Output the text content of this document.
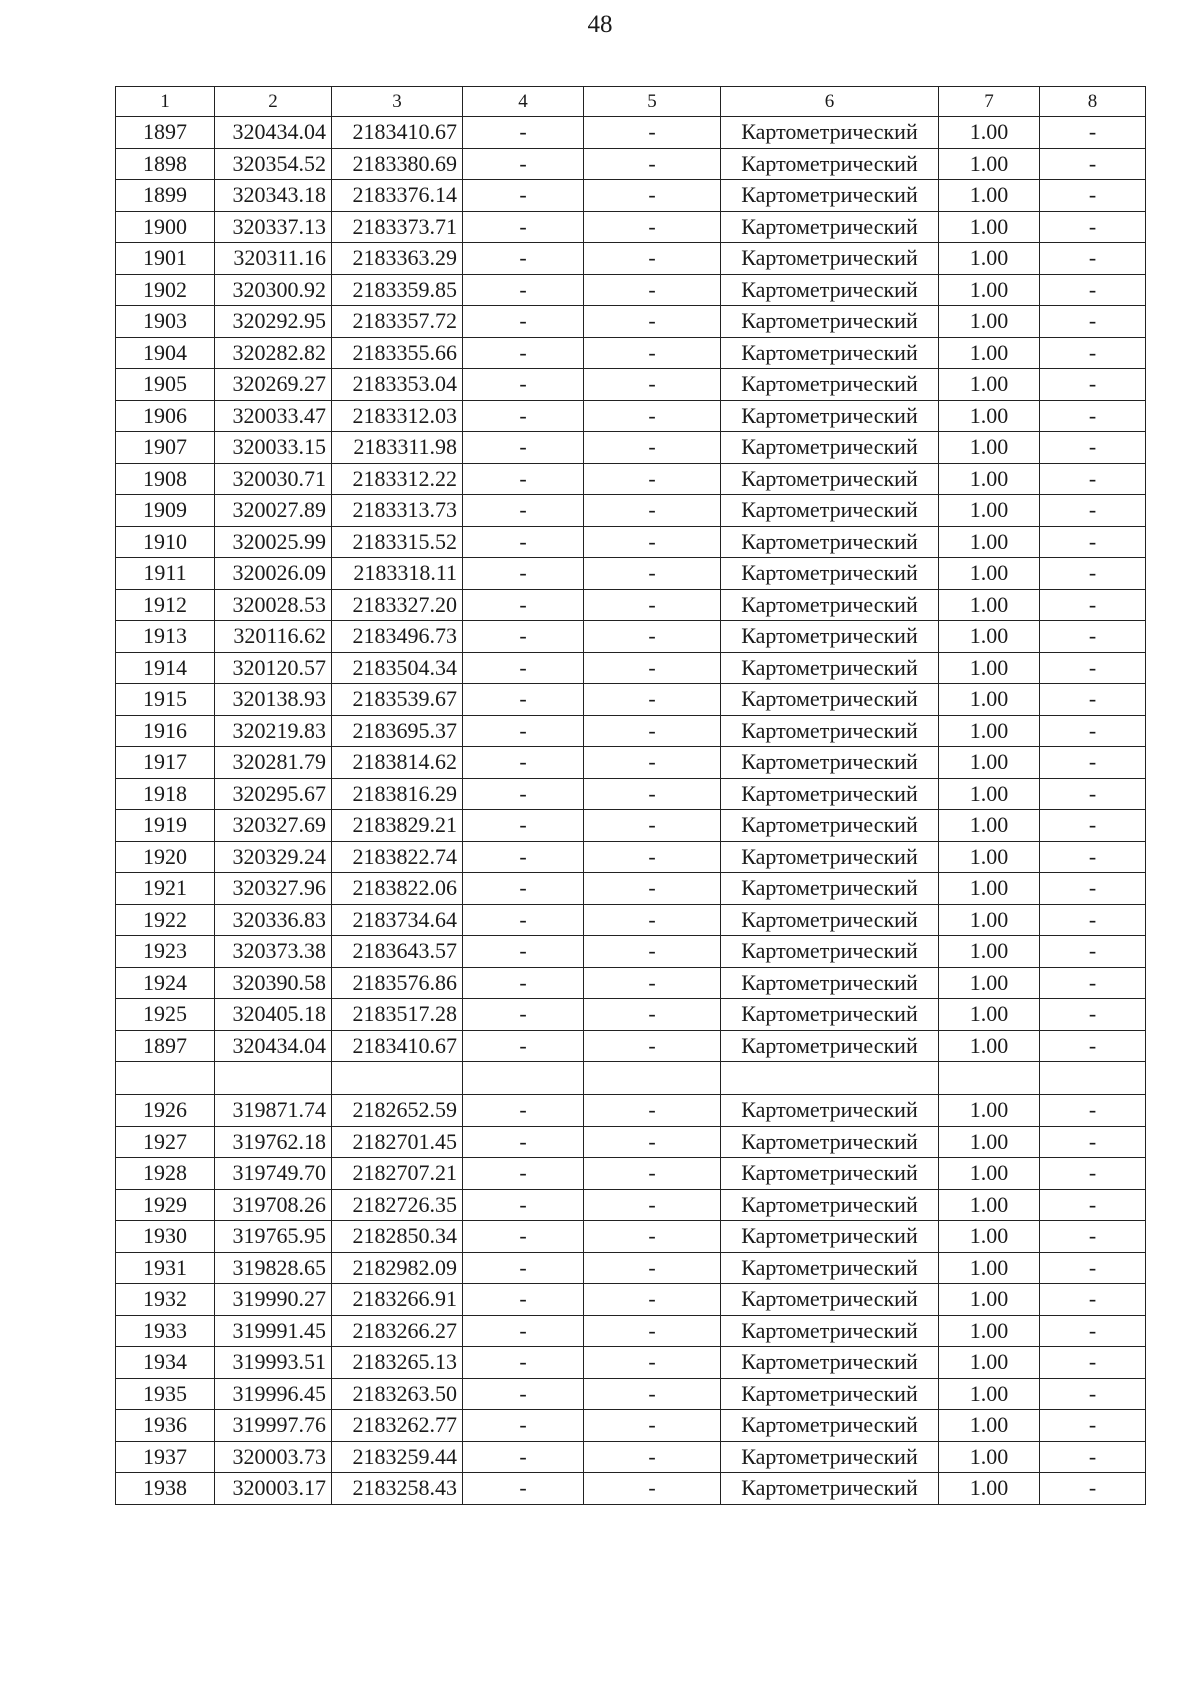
48
1	2	3	4	5	6	7	8
1897	320434.04	2183410.67	-	-	Картометрический	1.00	-
1898	320354.52	2183380.69	-	-	Картометрический	1.00	-
1899	320343.18	2183376.14	-	-	Картометрический	1.00	-
1900	320337.13	2183373.71	-	-	Картометрический	1.00	-
1901	320311.16	2183363.29	-	-	Картометрический	1.00	-
1902	320300.92	2183359.85	-	-	Картометрический	1.00	-
1903	320292.95	2183357.72	-	-	Картометрический	1.00	-
1904	320282.82	2183355.66	-	-	Картометрический	1.00	-
1905	320269.27	2183353.04	-	-	Картометрический	1.00	-
1906	320033.47	2183312.03	-	-	Картометрический	1.00	-
1907	320033.15	2183311.98	-	-	Картометрический	1.00	-
1908	320030.71	2183312.22	-	-	Картометрический	1.00	-
1909	320027.89	2183313.73	-	-	Картометрический	1.00	-
1910	320025.99	2183315.52	-	-	Картометрический	1.00	-
1911	320026.09	2183318.11	-	-	Картометрический	1.00	-
1912	320028.53	2183327.20	-	-	Картометрический	1.00	-
1913	320116.62	2183496.73	-	-	Картометрический	1.00	-
1914	320120.57	2183504.34	-	-	Картометрический	1.00	-
1915	320138.93	2183539.67	-	-	Картометрический	1.00	-
1916	320219.83	2183695.37	-	-	Картометрический	1.00	-
1917	320281.79	2183814.62	-	-	Картометрический	1.00	-
1918	320295.67	2183816.29	-	-	Картометрический	1.00	-
1919	320327.69	2183829.21	-	-	Картометрический	1.00	-
1920	320329.24	2183822.74	-	-	Картометрический	1.00	-
1921	320327.96	2183822.06	-	-	Картометрический	1.00	-
1922	320336.83	2183734.64	-	-	Картометрический	1.00	-
1923	320373.38	2183643.57	-	-	Картометрический	1.00	-
1924	320390.58	2183576.86	-	-	Картометрический	1.00	-
1925	320405.18	2183517.28	-	-	Картометрический	1.00	-
1897	320434.04	2183410.67	-	-	Картометрический	1.00	-

1926	319871.74	2182652.59	-	-	Картометрический	1.00	-
1927	319762.18	2182701.45	-	-	Картометрический	1.00	-
1928	319749.70	2182707.21	-	-	Картометрический	1.00	-
1929	319708.26	2182726.35	-	-	Картометрический	1.00	-
1930	319765.95	2182850.34	-	-	Картометрический	1.00	-
1931	319828.65	2182982.09	-	-	Картометрический	1.00	-
1932	319990.27	2183266.91	-	-	Картометрический	1.00	-
1933	319991.45	2183266.27	-	-	Картометрический	1.00	-
1934	319993.51	2183265.13	-	-	Картометрический	1.00	-
1935	319996.45	2183263.50	-	-	Картометрический	1.00	-
1936	319997.76	2183262.77	-	-	Картометрический	1.00	-
1937	320003.73	2183259.44	-	-	Картометрический	1.00	-
1938	320003.17	2183258.43	-	-	Картометрический	1.00	-
